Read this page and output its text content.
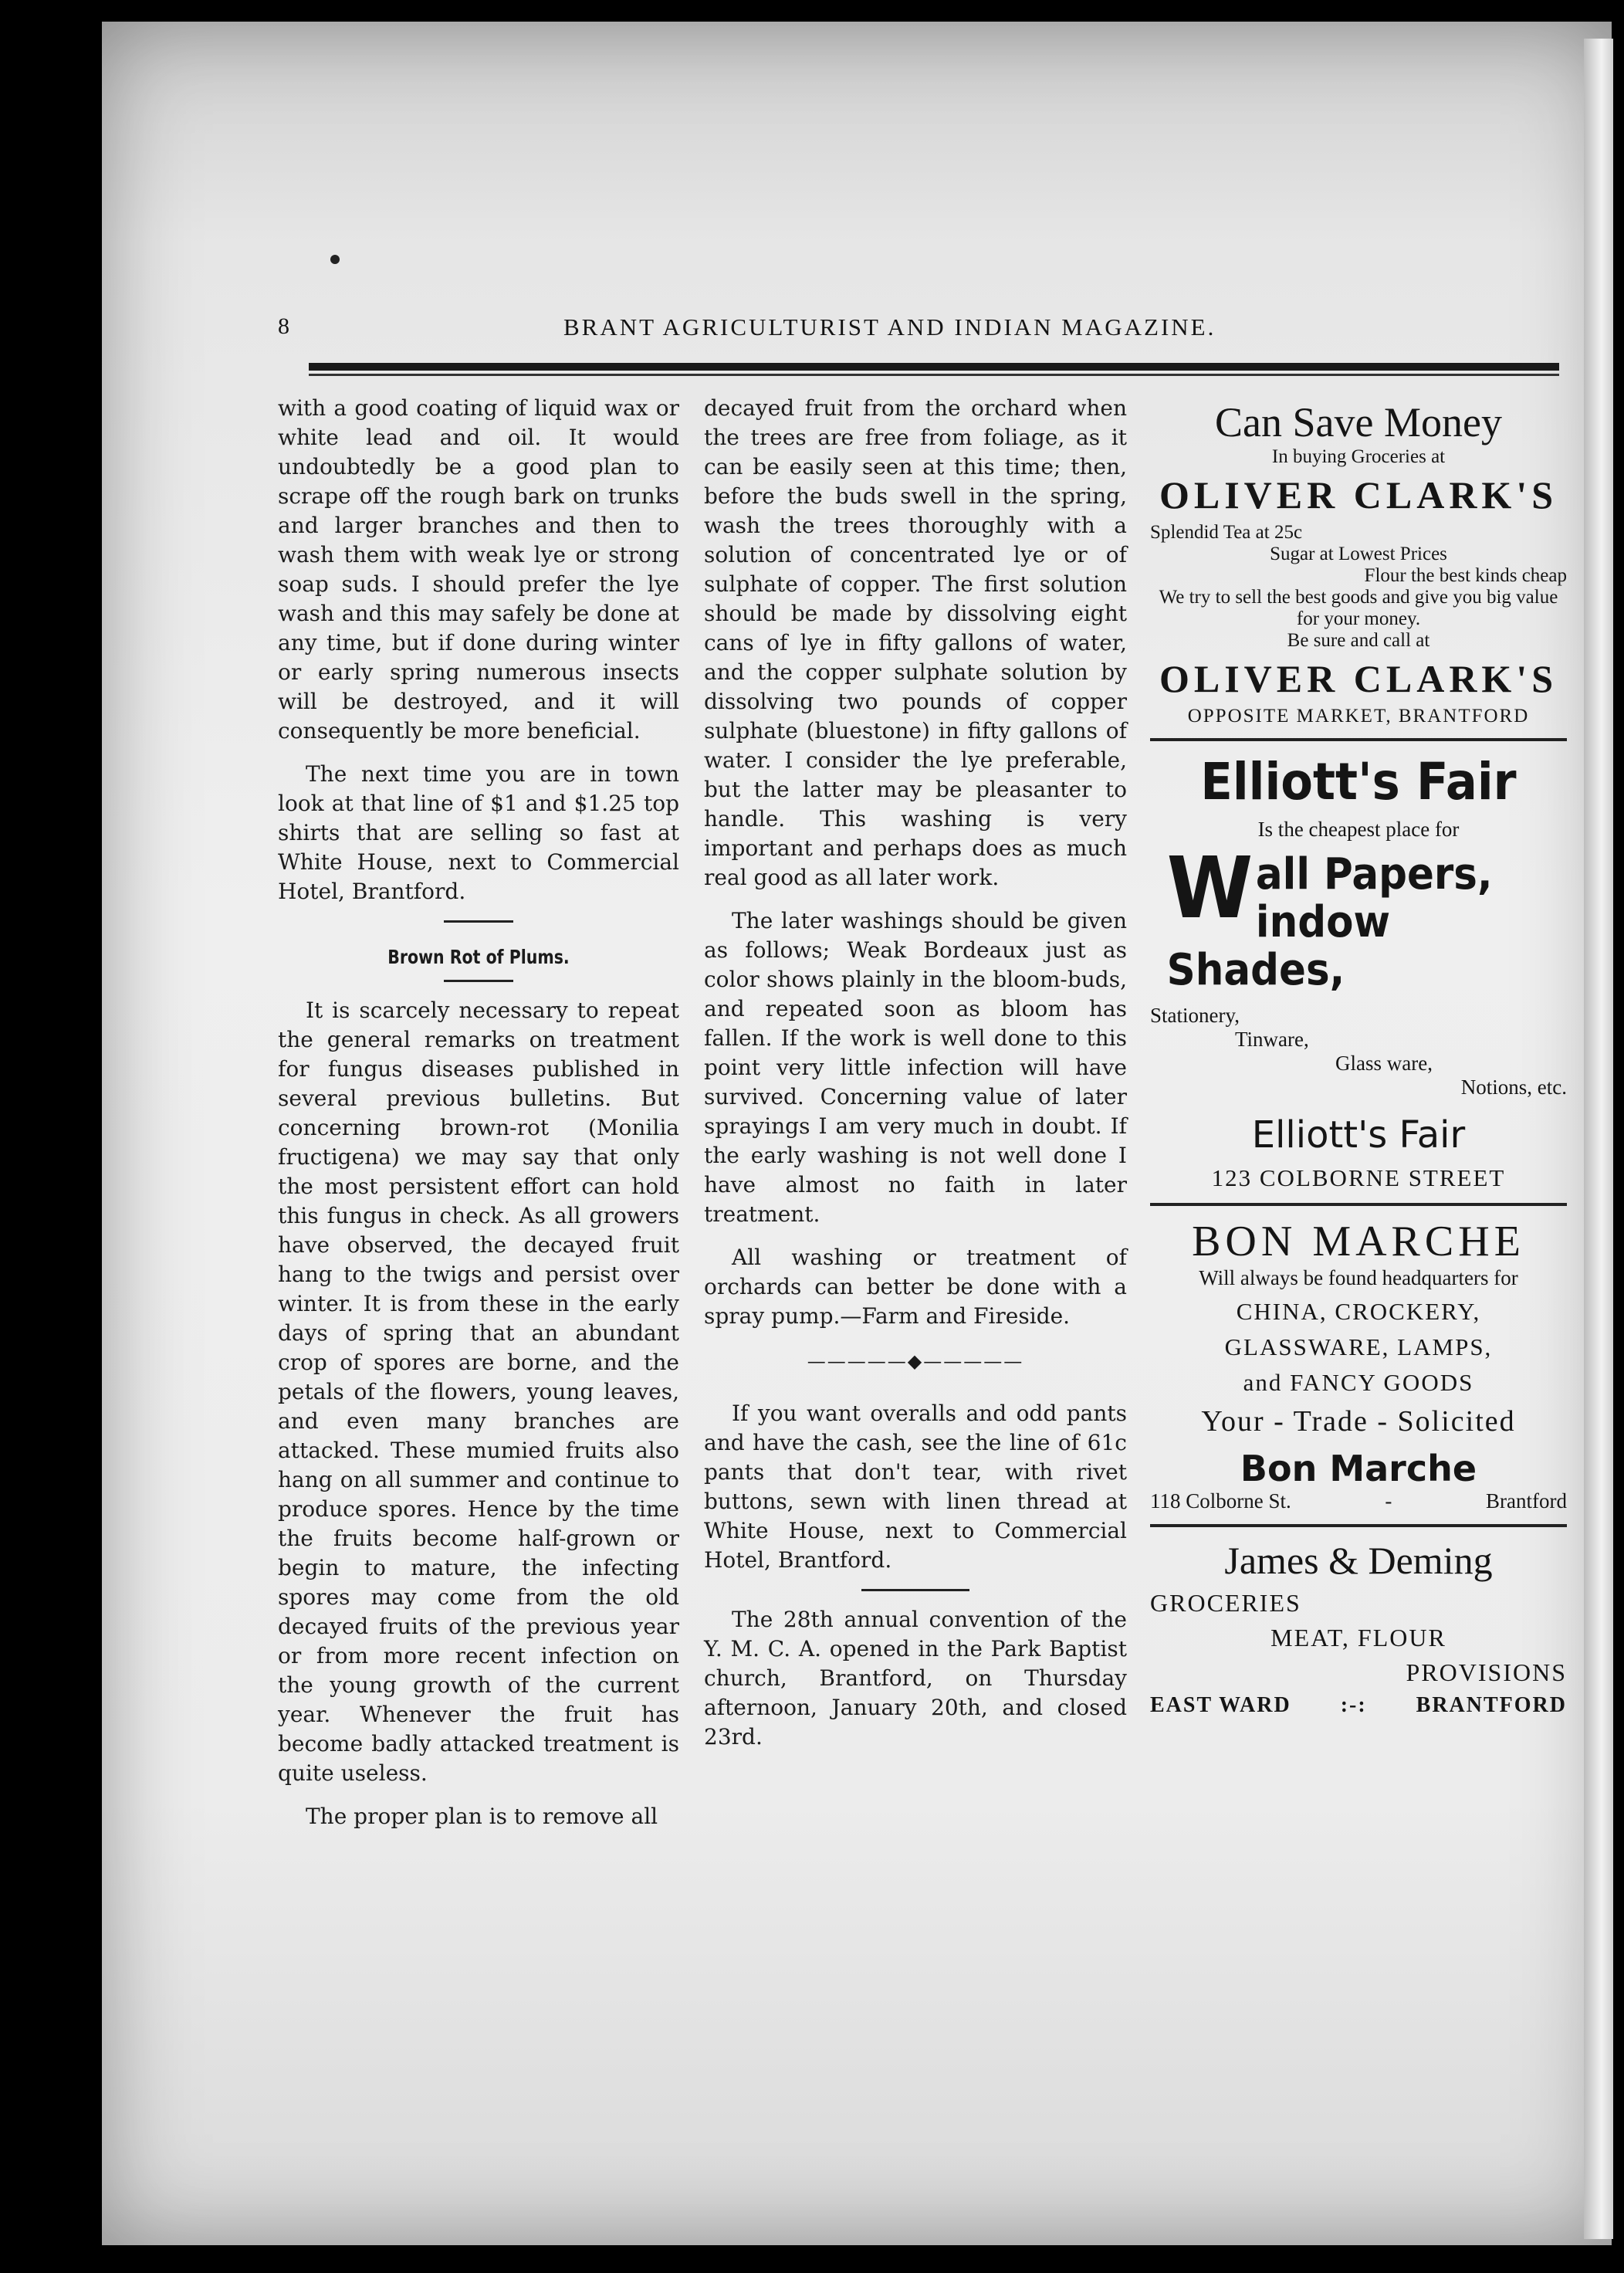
8	BRANT AGRICULTURIST AND INDIAN MAGAZINE.

with a good coating of liquid wax or white lead and oil. It would undoubtedly be a good plan to scrape off the rough bark on trunks and larger branches and then to wash them with weak lye or strong soap suds. I should prefer the lye wash and this may safely be done at any time, but if done during winter or early spring numerous insects will be destroyed, and it will consequently be more beneficial.

The next time you are in town look at that line of $1 and $1.25 top shirts that are selling so fast at White House, next to Commercial Hotel, Brantford.

Brown Rot of Plums.

It is scarcely necessary to repeat the general remarks on treatment for fungus diseases published in several previous bulletins. But concerning brown-rot (Monilia fructigena) we may say that only the most persistent effort can hold this fungus in check. As all growers have observed, the decayed fruit hang to the twigs and persist over winter. It is from these in the early days of spring that an abundant crop of spores are borne, and the petals of the flowers, young leaves, and even many branches are attacked. These mumied fruits also hang on all summer and continue to produce spores. Hence by the time the fruits become half-grown or begin to mature, the infecting spores may come from the old decayed fruits of the previous year or from more recent infection on the young growth of the current year. Whenever the fruit has become badly attacked treatment is quite useless.

The proper plan is to remove all

decayed fruit from the orchard when the trees are free from foliage, as it can be easily seen at this time; then, before the buds swell in the spring, wash the trees thoroughly with a solution of concentrated lye or of sulphate of copper. The first solution should be made by dissolving eight cans of lye in fifty gallons of water, and the copper sulphate solution by dissolving two pounds of copper sulphate (bluestone) in fifty gallons of water. I consider the lye preferable, but the latter may be pleasanter to handle. This washing is very important and perhaps does as much real good as all later work.

The later washings should be given as follows; Weak Bordeaux just as color shows plainly in the bloom-buds, and repeated soon as bloom has fallen. If the work is well done to this point very little infection will have survived. Concerning value of later sprayings I am very much in doubt. If the early washing is not well done I have almost no faith in later treatment.

All washing or treatment of orchards can better be done with a spray pump.—Farm and Fireside.

—————◆—————

If you want overalls and odd pants and have the cash, see the line of 61c pants that don't tear, with rivet buttons, sewn with linen thread at White House, next to Commercial Hotel, Brantford.

The 28th annual convention of the Y. M. C. A. opened in the Park Baptist church, Brantford, on Thursday afternoon, January 20th, and closed 23rd.

Can Save Money
In buying Groceries at
OLIVER CLARK'S
Splendid Tea at 25c
Sugar at Lowest Prices
Flour the best kinds cheap
We try to sell the best goods and give you big value for your money.
Be sure and call at
OLIVER CLARK'S
OPPOSITE MARKET, BRANTFORD
Elliott's Fair
Is the cheapest place for
W all Papers,
indow Shades,
Stationery,
Tinware,
Glass ware,
Notions, etc.
Elliott's Fair
123 COLBORNE STREET
BON MARCHE
Will always be found headquarters for
CHINA, CROCKERY,
GLASSWARE, LAMPS,
and FANCY GOODS
Your - Trade - Solicited
Bon Marche
118 Colborne St.	-	Brantford
James & Deming
GROCERIES
MEAT, FLOUR
PROVISIONS
EAST WARD :-: BRANTFORD
